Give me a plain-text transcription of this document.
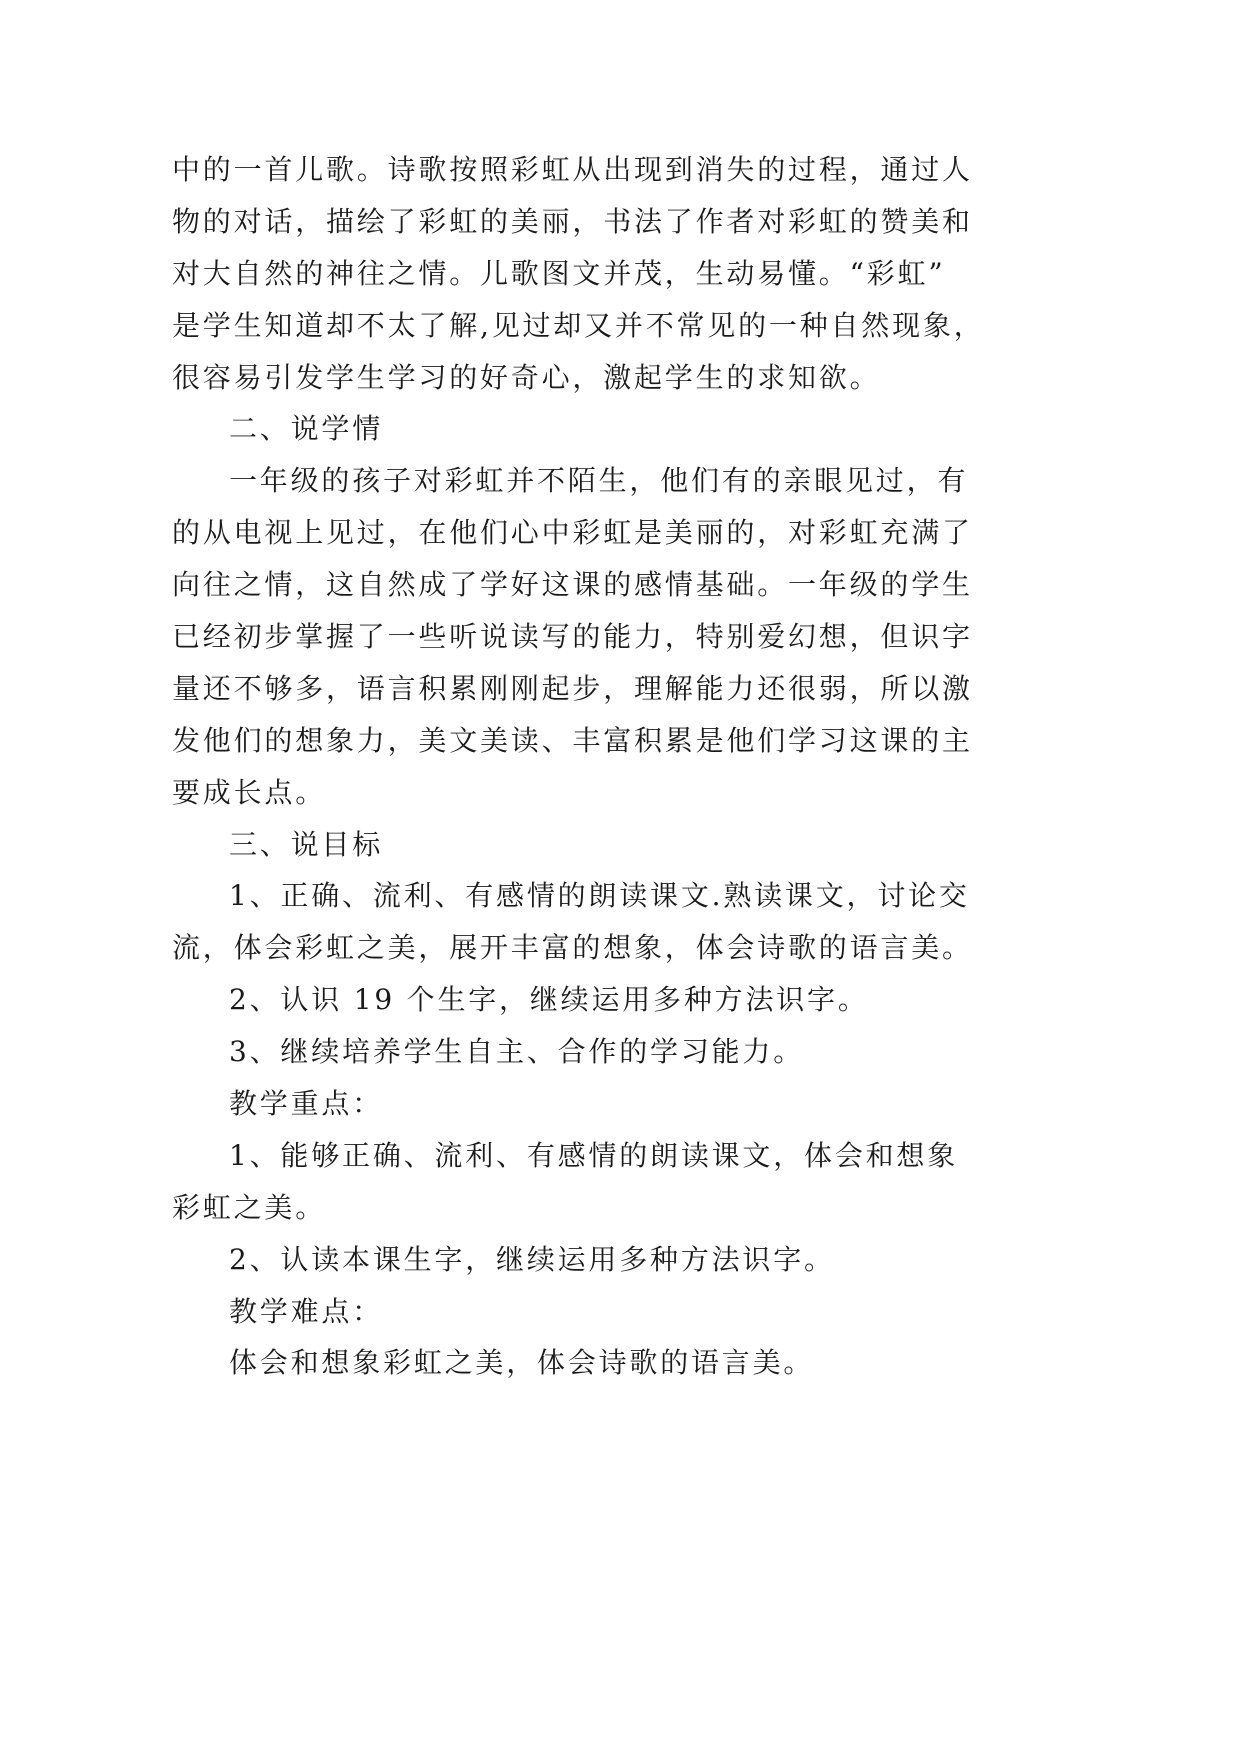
中的一首儿歌。诗歌按照彩虹从出现到消失的过程，通过人
物的对话，描绘了彩虹的美丽，书法了作者对彩虹的赞美和
对大自然的神往之情。儿歌图文并茂，生动易懂。“彩虹”
是学生知道却不太了解,见过却又并不常见的一种自然现象，
很容易引发学生学习的好奇心，激起学生的求知欲。
二、说学情
一年级的孩子对彩虹并不陌生，他们有的亲眼见过，有
的从电视上见过，在他们心中彩虹是美丽的，对彩虹充满了
向往之情，这自然成了学好这课的感情基础。一年级的学生
已经初步掌握了一些听说读写的能力，特别爱幻想，但识字
量还不够多，语言积累刚刚起步，理解能力还很弱，所以激
发他们的想象力，美文美读、丰富积累是他们学习这课的主
要成长点。
三、说目标
1、正确、流利、有感情的朗读课文.熟读课文，讨论交
流，体会彩虹之美，展开丰富的想象，体会诗歌的语言美。
2、认识 19 个生字，继续运用多种方法识字。
3、继续培养学生自主、合作的学习能力。
教学重点：
1、能够正确、流利、有感情的朗读课文，体会和想象
彩虹之美。
2、认读本课生字，继续运用多种方法识字。
教学难点：
体会和想象彩虹之美，体会诗歌的语言美。
